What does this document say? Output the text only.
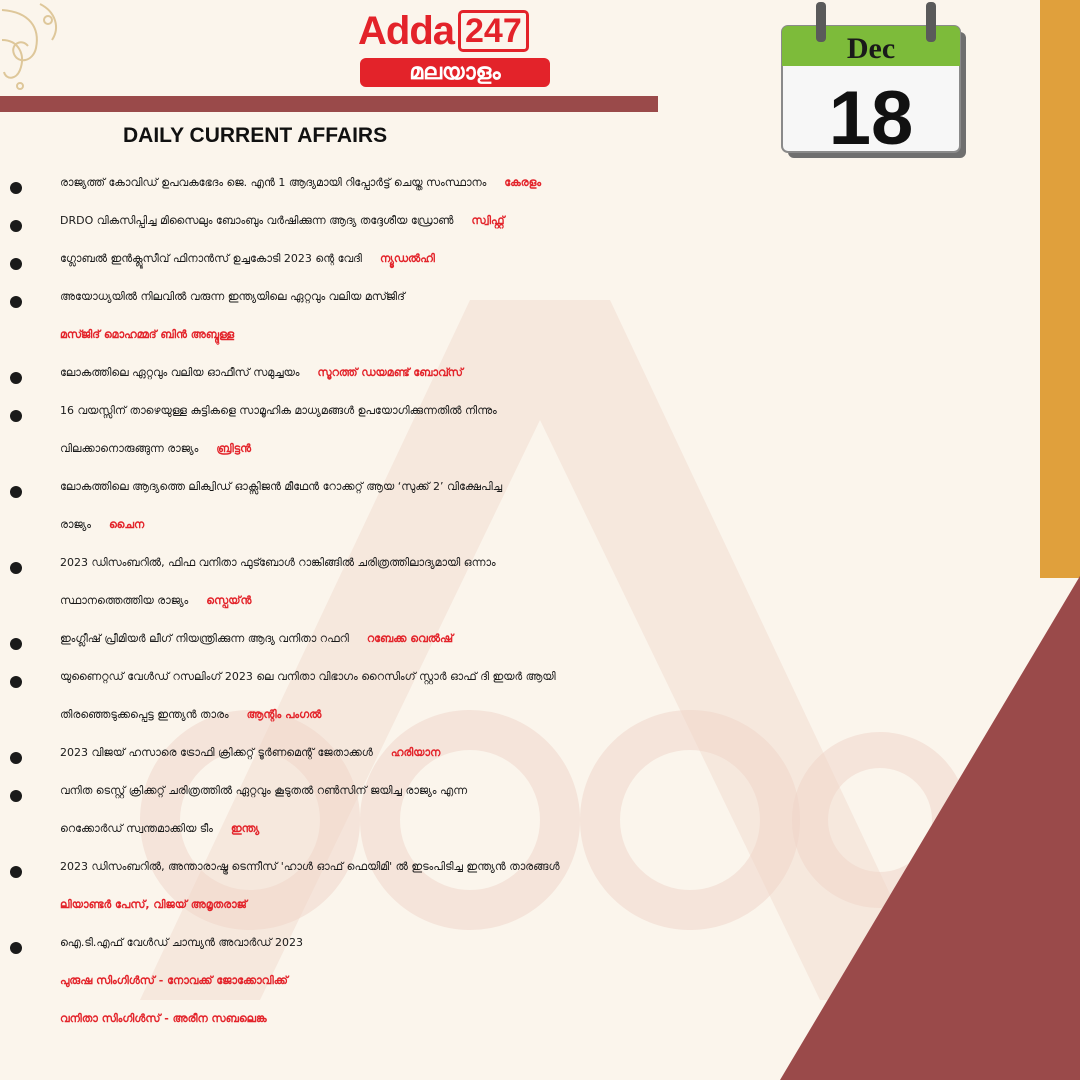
Adda 247
മലയാളം
DAILY CURRENT AFFAIRS
Dec
18
രാജ്യത്ത് കോവിഡ് ഉപവകഭേദം ജെ. എൻ 1 ആദ്യമായി റിപ്പോർട്ട് ചെയ്ത സംസ്ഥാനം കേരളം
DRDO വികസിപ്പിച്ച മിസൈലും ബോംബും വർഷിക്കുന്ന ആദ്യ തദ്ദേശീയ ഡ്രോൺ സ്വിഫ്റ്റ്
ഗ്ലോബൽ ഇൻക്ലൂസീവ് ഫിനാൻസ് ഉച്ചകോടി 2023 ന്റെ വേദി ന്യൂഡൽഹി
അയോധ്യയിൽ നിലവിൽ വരുന്ന ഇന്ത്യയിലെ ഏറ്റവും വലിയ മസ്ജിദ്
മസ്ജിദ് മൊഹമ്മദ് ബിൻ അബ്ദുള്ള
ലോകത്തിലെ ഏറ്റവും വലിയ ഓഫീസ് സമുച്ചയം സൂറത്ത് ഡയമണ്ട് ബോവ്സ്
16 വയസ്സിന് താഴെയുള്ള കുട്ടികളെ സാമൂഹിക മാധ്യമങ്ങൾ ഉപയോഗിക്കുന്നതിൽ നിന്നും
വിലക്കാനൊരുങ്ങുന്ന രാജ്യം ബ്രിട്ടൻ
ലോകത്തിലെ ആദ്യത്തെ ലിക്വിഡ് ഓക്സിജൻ മീഥേൻ റോക്കറ്റ് ആയ ‘സുക്ക് 2’ വിക്ഷേപിച്ച
രാജ്യം ചൈന
2023 ഡിസംബറിൽ, ഫിഫ വനിതാ ഫുട്ബോൾ റാങ്കിങ്ങിൽ ചരിത്രത്തിലാദ്യമായി ഒന്നാം
സ്ഥാനത്തെത്തിയ രാജ്യം സ്പെയ്ൻ
ഇംഗ്ലീഷ് പ്രീമിയർ ലീഗ് നിയന്ത്രിക്കുന്ന ആദ്യ വനിതാ റഫറി റബേക്ക വെൽഷ്
യുണൈറ്റഡ് വേൾഡ് റസലിംഗ് 2023 ലെ വനിതാ വിഭാഗം റൈസിംഗ് സ്റ്റാർ ഓഫ് ദി ഇയർ ആയി
തിരഞ്ഞെടുക്കപ്പെട്ട ഇന്ത്യൻ താരം ആന്റിം പംഗൽ
2023 വിജയ് ഹസാരെ ട്രോഫി ക്രിക്കറ്റ് ടൂർണമെന്റ് ജേതാക്കൾ ഹരിയാന
വനിത ടെസ്റ്റ് ക്രിക്കറ്റ് ചരിത്രത്തിൽ ഏറ്റവും കൂടുതൽ റൺസിന് ജയിച്ച രാജ്യം എന്ന
റെക്കോർഡ് സ്വന്തമാക്കിയ ടീം ഇന്ത്യ
2023 ഡിസംബറിൽ, അന്താരാഷ്ട്ര ടെന്നീസ് 'ഹാൾ ഓഫ് ഫെയിമി' ൽ ഇടംപിടിച്ച ഇന്ത്യൻ താരങ്ങൾ
ലിയാണ്ടർ പേസ്, വിജയ് അമൃതരാജ്
ഐ.ടി.എഫ് വേൾഡ് ചാമ്പ്യൻ അവാർഡ് 2023
പുരുഷ സിംഗിൾസ് - നോവക്ക് ജോക്കോവിക്ക്
വനിതാ സിംഗിൾസ് - അരീന സബലെങ്ക
